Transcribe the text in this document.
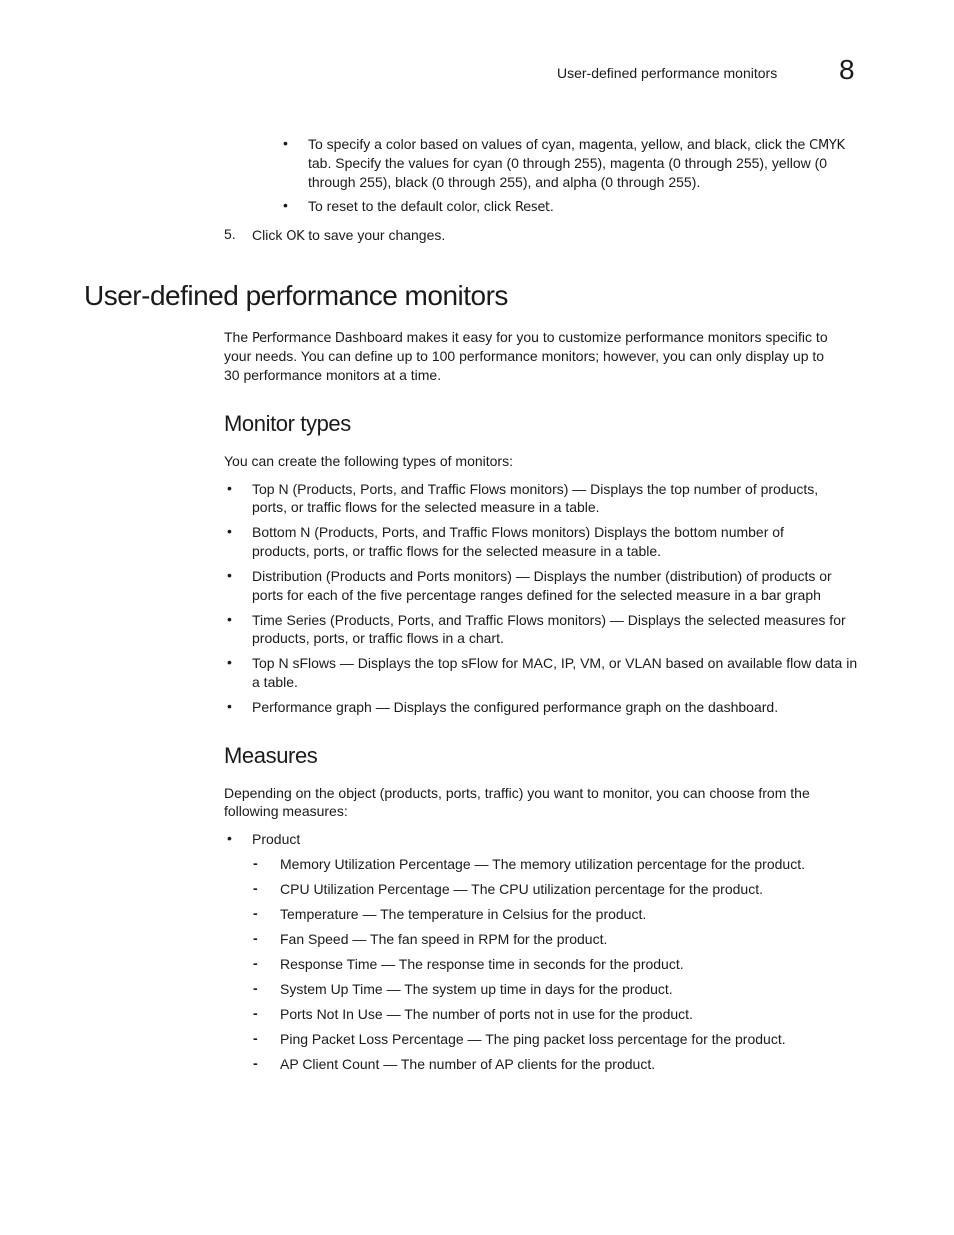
User-defined performance monitors 8
• To specify a color based on values of cyan, magenta, yellow, and black, click the CMYK

tab. Specify the values for cyan (0 through 255), magenta (0 through 255), yellow (0

through 255), black (0 through 255), and alpha (0 through 255).

• To reset to the default color, click Reset.

5. Click OK to save your changes.

User-defined performance monitors

The Performance Dashboard makes it easy for you to customize performance monitors specific to

your needs. You can define up to 100 performance monitors; however, you can only display up to

30 performance monitors at a time.

Monitor types

You can create the following types of monitors:

• Top N (Products, Ports, and Traffic Flows monitors) — Displays the top number of products,

ports, or traffic flows for the selected measure in a table.

• Bottom N (Products, Ports, and Traffic Flows monitors) Displays the bottom number of

products, ports, or traffic flows for the selected measure in a table.

• Distribution (Products and Ports monitors) — Displays the number (distribution) of products or

ports for each of the five percentage ranges defined for the selected measure in a bar graph

• Time Series (Products, Ports, and Traffic Flows monitors) — Displays the selected measures for

products, ports, or traffic flows in a chart.

• Top N sFlows — Displays the top sFlow for MAC, IP, VM, or VLAN based on available flow data in

a table.

• Performance graph — Displays the configured performance graph on the dashboard.

Measures

Depending on the object (products, ports, traffic) you want to monitor, you can choose from the

following measures:

• Product

- Memory Utilization Percentage — The memory utilization percentage for the product.

- CPU Utilization Percentage — The CPU utilization percentage for the product.

- Temperature — The temperature in Celsius for the product.

- Fan Speed — The fan speed in RPM for the product.

- Response Time — The response time in seconds for the product.

- System Up Time — The system up time in days for the product.

- Ports Not In Use — The number of ports not in use for the product.

- Ping Packet Loss Percentage — The ping packet loss percentage for the product.

- AP Client Count — The number of AP clients for the product.
